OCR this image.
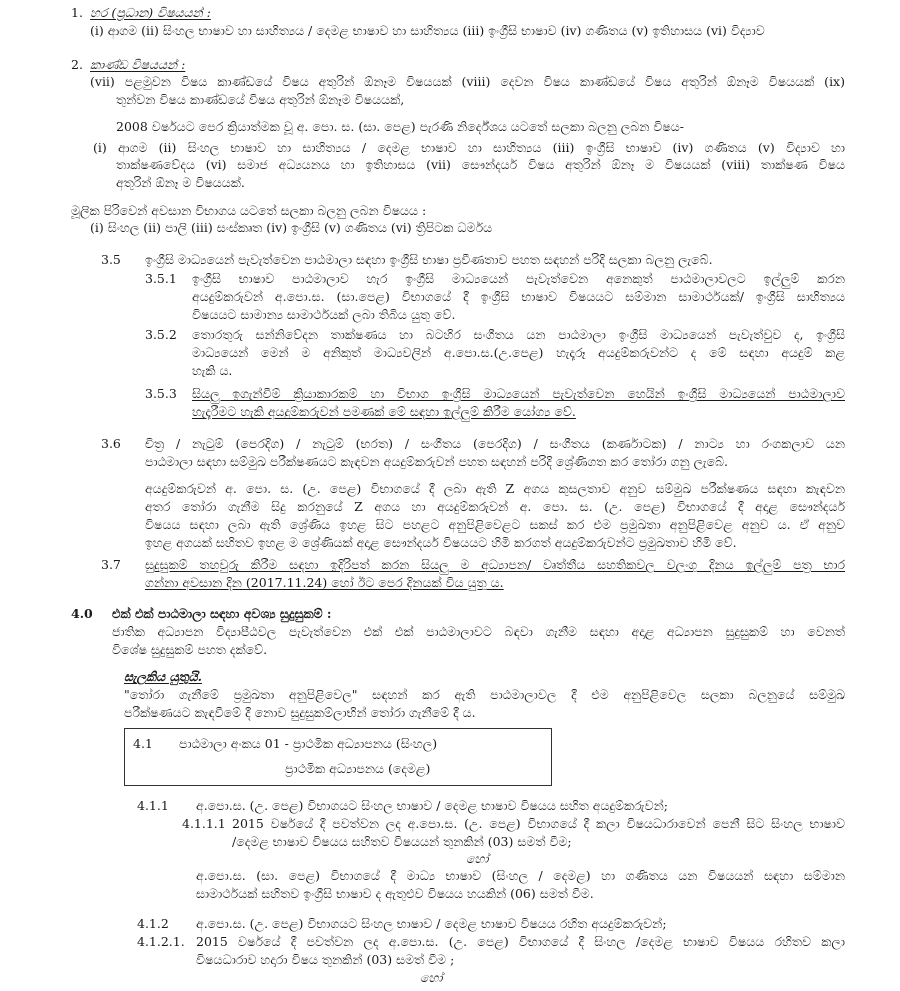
1. හර (ප්‍රධාන) විෂයයන් :
(i) ආගම (ii) සිංහල භාෂාව හා සාහිත්‍යය / දෙමළ භාෂාව හා සාහිත්‍යය (iii) ඉංග්‍රීසි භාෂාව (iv) ගණිතය (v) ඉතිහාසය (vi) විද්‍යාව
2. කාණ්ඩ විෂයයන් :
(vii) පළමුවන විෂය කාණ්ඩයේ විෂය අතුරින් ඕනෑම විෂයයක් (viii) දෙවන විෂය කාණ්ඩයේ විෂය අතුරින් ඕනෑම විෂයයක් (ix)
තුන්වන විෂය කාණ්ඩයේ විෂය අතුරින් ඕනෑම විෂයයක්,
2008 වර්ෂයට පෙර ක්‍රියාත්මක වූ අ. පො. ස. (සා. පෙළ) පැරණි නිර්දේශය යටතේ සලකා බලනු ලබන විෂය-
(i) ආගම (ii) සිංහල භාෂාව හා සාහිත්‍යය / දෙමළ භාෂාව හා සාහිත්‍යය (iii) ඉංග්‍රීසි භාෂාව (iv) ගණිතය (v) විද්‍යාව හා
තාක්ෂණවේදය (vi) සමාජ අධ්‍යයනය හා ඉතිහාසය (vii) සෞන්දර්ය විෂය අතුරින් ඕනෑ ම විෂයයක් (viii) තාක්ෂණ විෂය
අතුරින් ඕනෑ ම විෂයයක්.
මූලික පිරිවෙන් අවසාන විභාගය යටතේ සලකා බලනු ලබන විෂයය :
(i) සිංහල (ii) පාලි (iii) සංස්කෘත (iv) ඉංග්‍රීසි (v) ගණිතය (vi) ත්‍රිපිටක ධර්මය
3.5 ඉංග්‍රීසි මාධ්‍යයෙන් පැවැත්වෙන පාඨමාලා සඳහා ඉංග්‍රීසි භාෂා ප්‍රවීණතාව පහත සඳහන් පරිදි සලකා බලනු ලැබේ.
3.5.1 ඉංග්‍රීසි භාෂාව පාඨමාලාව හැර ඉංග්‍රීසි මාධ්‍යයෙන් පැවැත්වෙන අනෙකුත් පාඨමාලාවලට ඉල්ලුම් කරන
අයදුම්කරුවන් අ.පො.ස. (සා.පෙළ) විභාගයේ දී ඉංග්‍රීසි භාෂාව විෂයයට සම්මාන සාමාර්ථයක්/ ඉංග්‍රීසි සාහිත්‍යය
විෂයයට සාමාන්‍ය සාමාර්ථයක් ලබා තිබිය යුතු වේ.
3.5.2 තොරතුරු සන්නිවේදන තාක්ෂණය හා බටහිර සංගීතය යන පාඨමාලා ඉංග්‍රීසි මාධ්‍යයෙන් පැවැත්වුව ද, ඉංග්‍රීසි
මාධ්‍යයෙන් මෙන් ම අනිකුත් මාධ්‍යවලින් අ.පො.ස.(උ.පෙළ) හැදෑරූ අයදුම්කරුවන්ට ද මේ සඳහා අයදුම් කළ
හැකි ය.
3.5.3 සියලු ඉගැන්වීම් ක්‍රියාකාරකම් හා විභාග ඉංග්‍රීසි මාධ්‍යයෙන් පැවැත්වෙන හෙයින් ඉංග්‍රීසි මාධ්‍යයෙන් පාඨමාලාව
හැදෑරීමට හැකි අයදුම්කරුවන් පමණක් මේ සඳහා ඉල්ලුම් කිරීම යෝග්‍ය වේ.
3.6 චිත්‍ර / නැටුම් (පෙරදිග) / නැටුම් (භරත) / සංගීතය (පෙරදිග) / සංගීතය (කර්ණාටක) / නාට්‍ය හා රංගකලාව යන
පාඨමාලා සඳහා සම්මුඛ පරීක්ෂණයට කැඳවන අයදුම්කරුවන් පහත සඳහන් පරිදි ශ්‍රේණිගත කර තෝරා ගනු ලැබේ.
අයදුම්කරුවන් අ. පො. ස. (උ. පෙළ) විභාගයේ දී ලබා ඇති Z අගය කුසලතාව අනුව සම්මුඛ පරීක්ෂණය සඳහා කැඳවන
අතර තෝරා ගැනීම සිදු කරනුයේ Z අගය හා අයදුම්කරුවන් අ. පො. ස. (උ. පෙළ) විභාගයේ දී අදාළ සෞන්දර්ය
විෂයය සඳහා ලබා ඇති ශ්‍රේණිය ඉහළ සිට පහළට අනුපිළිවෙළට සකස් කර එම ප්‍රමුඛතා අනුපිළිවෙළ අනුව ය. ඒ අනුව
ඉහළ අගයක් සහිතව ඉහළ ම ශ්‍රේණියක් අදාළ සෞන්දර්ය විෂයයට හිමි කරගත් අයදුම්කරුවන්ට ප්‍රමුඛතාව හිමි වේ.
3.7 සුදුසුකම් තහවුරු කිරීම සඳහා ඉදිරිපත් කරන සියලු ම අධ්‍යාපන/ වෘත්තීය සහතිකවල වලංගු දිනය ඉල්ලුම් පත්‍ර භාර
ගන්නා අවසාන දින (2017.11.24) හෝ ඊට පෙර දිනයක් විය යුතු ය.
4.0 එක් එක් පාඨමාලා සඳහා අවශ්‍ය සුදුසුකම් :
ජාතික අධ්‍යාපන විද්‍යාපීඨවල පැවැත්වෙන එක් එක් පාඨමාලාවට බඳවා ගැනීම සඳහා අදාළ අධ්‍යාපන සුදුසුකම් හා වෙනත්
විශේෂ සුදුසුකම් පහත දක්වේ.
සැලකිය යුතුයි.
"තෝරා ගැනීමේ ප්‍රමුඛතා අනුපිළිවෙල" සඳහන් කර ඇති පාඨමාලාවල දී එම අනුපිළිවෙල සලකා බලනුයේ සම්මුඛ
පරීක්ෂණයට කැඳවීමේ දී නොව සුදුසුකම්ලාභින් තෝරා ගැනීමේ දී ය.
4.1 පාඨමාලා අංකය 01 - ප්‍රාථමික අධ්‍යාපනය (සිංහල)
ප්‍රාථමික අධ්‍යාපනය (දෙමළ)
4.1.1 අ.පො.ස. (උ. පෙළ) විභාගයට සිංහල භාෂාව / දෙමළ භාෂාව විෂයය සහිත අයදුම්කරුවන්;
4.1.1.1 2015 වර්ෂයේ දී පවත්වන ලද අ.පො.ස. (උ. පෙළ) විභාගයේ දී කලා විෂයධාරාවෙන් පෙනී සිට සිංහල භාෂාව
/දෙමළ භාෂාව විෂයය සහිතව විෂයයන් තුනකින් (03) සමත් වීම;
හෝ
අ.පො.ස. (සා. පෙළ) විභාගයේ දී මාධ්‍ය භාෂාව (සිංහල / දෙමළ) හා ගණිතය යන විෂයයන් සඳහා සම්මාන
සාමාර්ථයක් සහිතව ඉංග්‍රීසි භාෂාව ද ඇතුළුව විෂයය හයකින් (06) සමත් වීම.
4.1.2 අ.පො.ස. (උ. පෙළ) විභාගයට සිංහල භාෂාව / දෙමළ භාෂාව විෂයය රහිත අයදුම්කරුවන්;
4.1.2.1. 2015 වර්ෂයේ දී පවත්වන ලද අ.පො.ස. (උ. පෙළ) විභාගයේ දී සිංහල /දෙමළ භාෂාව විෂයය රහිතව කලා
විෂයධාරාව හදාරා විෂය තුනකින් (03) සමත් වීම ;
හෝ
